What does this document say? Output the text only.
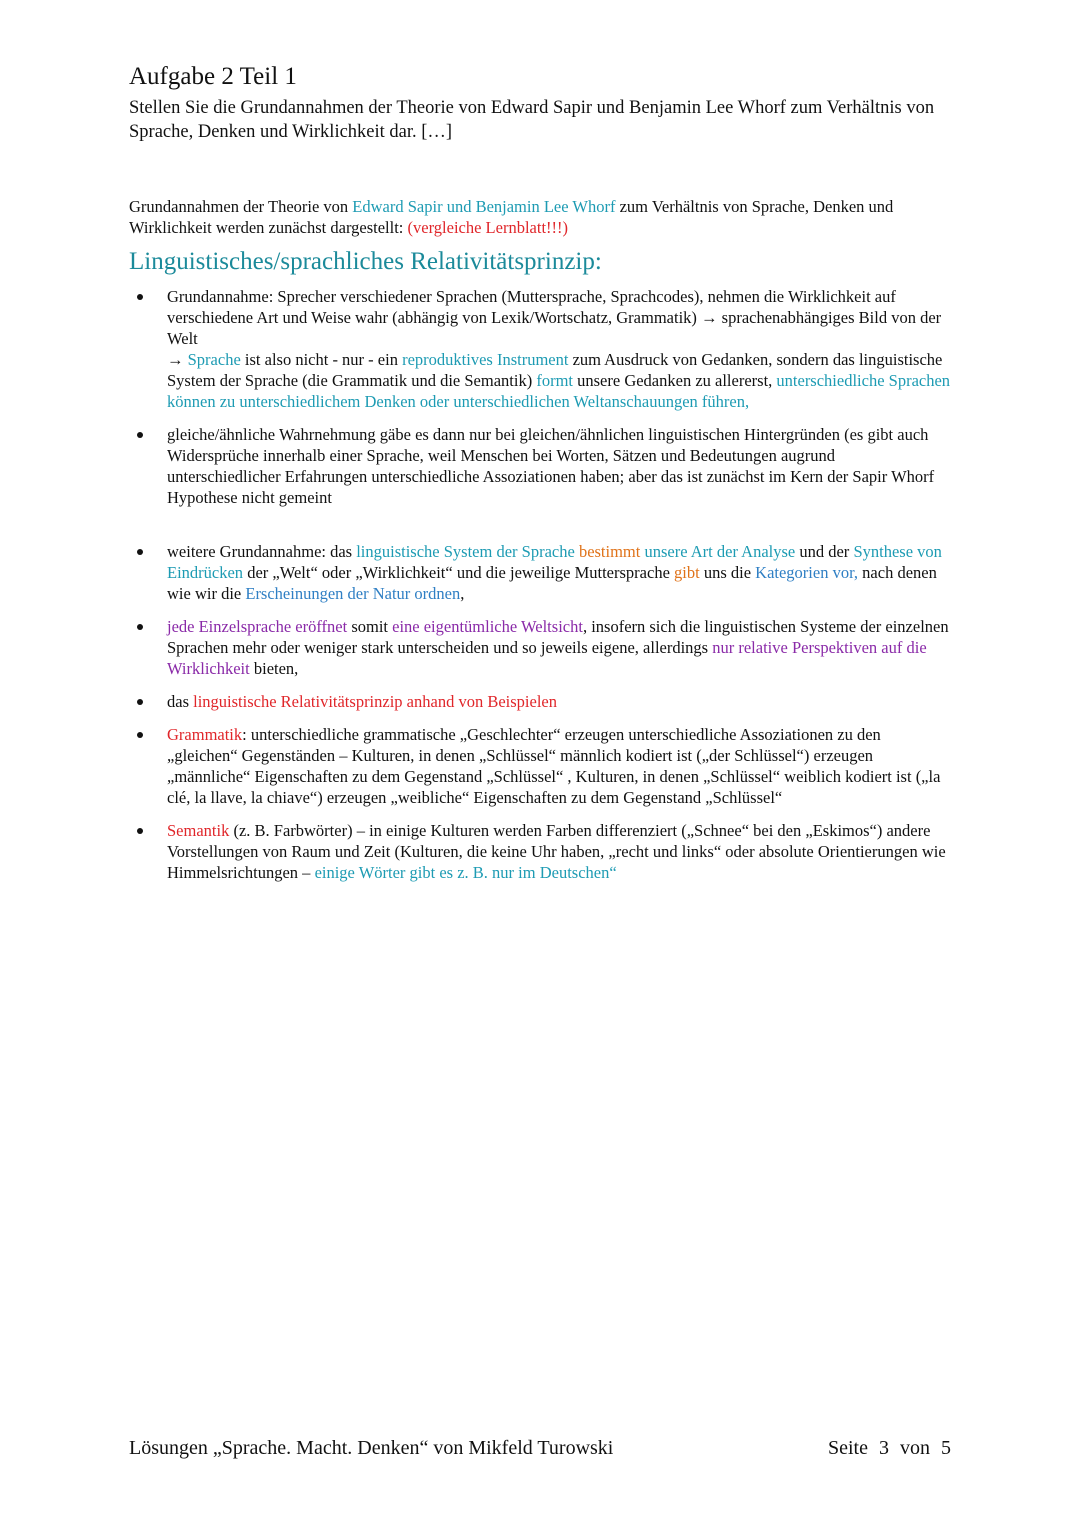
Aufgabe 2 Teil 1

Stellen Sie die Grundannahmen der Theorie von Edward Sapir und Benjamin Lee Whorf zum Verhältnis von Sprache, Denken und Wirklichkeit dar. […]

Grundannahmen der Theorie von Edward Sapir und Benjamin Lee Whorf zum Verhältnis von Sprache, Denken und Wirklichkeit werden zunächst dargestellt: (vergleiche Lernblatt!!!)

Linguistisches/sprachliches Relativitätsprinzip:
Grundannahme: Sprecher verschiedener Sprachen (Muttersprache, Sprachcodes), nehmen die Wirklichkeit auf verschiedene Art und Weise wahr (abhängig von Lexik/Wortschatz, Grammatik) → sprachenabhängiges Bild von der Welt
→ Sprache ist also nicht - nur - ein reproduktives Instrument zum Ausdruck von Gedanken, sondern das linguistische System der Sprache (die Grammatik und die Semantik) formt unsere Gedanken zu allererst, unterschiedliche Sprachen können zu unterschiedlichem Denken oder unterschiedlichen Weltanschauungen führen,
gleiche/ähnliche Wahrnehmung gäbe es dann nur bei gleichen/ähnlichen linguistischen Hintergründen (es gibt auch Widersprüche innerhalb einer Sprache, weil Menschen bei Worten, Sätzen und Bedeutungen augrund unterschiedlicher Erfahrungen unterschiedliche Assoziationen haben; aber das ist zunächst im Kern der Sapir Whorf Hypothese nicht gemeint
weitere Grundannahme: das linguistische System der Sprache bestimmt unsere Art der Analyse und der Synthese von Eindrücken der „Welt“ oder „Wirklichkeit“ und die jeweilige Muttersprache gibt uns die Kategorien vor, nach denen wie wir die Erscheinungen der Natur ordnen,
jede Einzelsprache eröffnet somit eine eigentümliche Weltsicht, insofern sich die linguistischen Systeme der einzelnen Sprachen mehr oder weniger stark unterscheiden und so jeweils eigene, allerdings nur relative Perspektiven auf die Wirklichkeit bieten,
das linguistische Relativitätsprinzip anhand von Beispielen
Grammatik: unterschiedliche grammatische „Geschlechter“ erzeugen unterschiedliche Assoziationen zu den „gleichen“ Gegenständen – Kulturen, in denen „Schlüssel“ männlich kodiert ist („der Schlüssel“) erzeugen „männliche“ Eigenschaften zu dem Gegenstand „Schlüssel“ , Kulturen, in denen „Schlüssel“ weiblich kodiert ist („la clé, la llave, la chiave“) erzeugen „weibliche“ Eigenschaften zu dem Gegenstand „Schlüssel“
Semantik (z. B. Farbwörter) – in einige Kulturen werden Farben differenziert („Schnee“ bei den „Eskimos“) andere Vorstellungen von Raum und Zeit (Kulturen, die keine Uhr haben, „recht und links“ oder absolute Orientierungen wie Himmelsrichtungen – einige Wörter gibt es z. B. nur im Deutschen“
Lösungen „Sprache. Macht. Denken“ von Mikfeld Turowski	Seite 3 von 5
